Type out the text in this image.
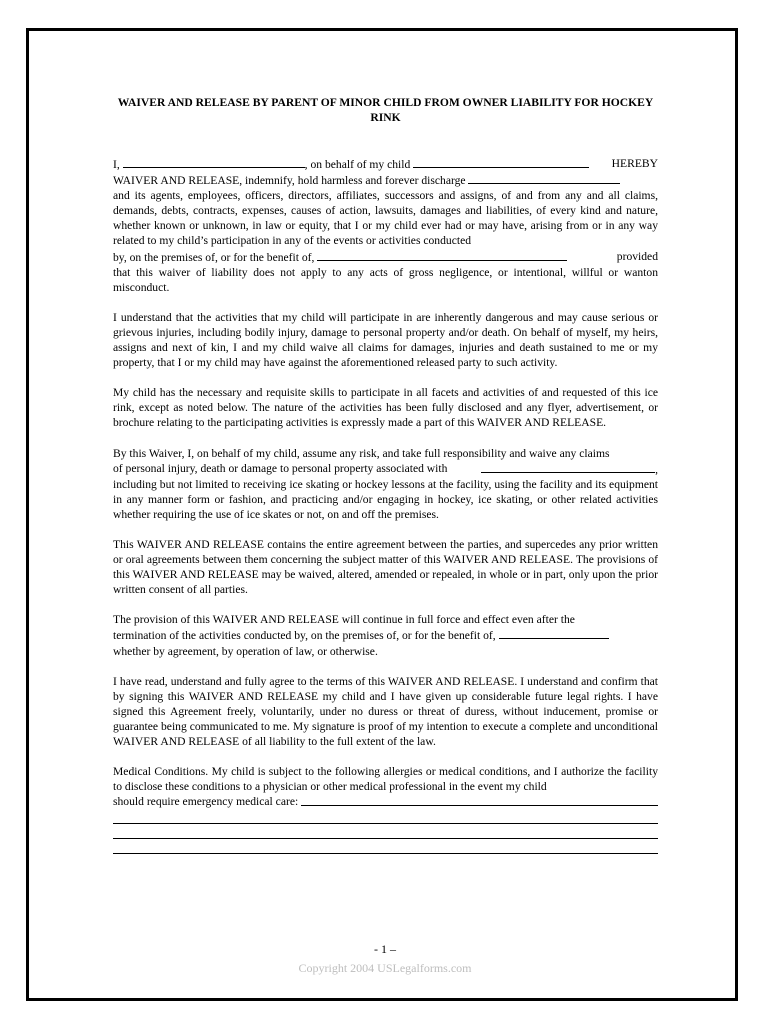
WAIVER AND RELEASE BY PARENT OF MINOR CHILD FROM OWNER LIABILITY FOR HOCKEY RINK

I,	, on behalf of my child	HEREBY
WAIVER AND RELEASE, indemnify, hold harmless and forever discharge
and its agents, employees, officers, directors, affiliates, successors and assigns, of and from any and all claims, demands, debts, contracts, expenses, causes of action, lawsuits, damages and liabilities, of every kind and nature, whether known or unknown, in law or equity, that I or my child ever had or may have, arising from or in any way related to my child’s participation in any of the events or activities conducted
by, on the premises of, or for the benefit of,	provided
that this waiver of liability does not apply to any acts of gross negligence, or intentional, willful or wanton misconduct.

I understand that the activities that my child will participate in are inherently dangerous and may cause serious or grievous injuries, including bodily injury, damage to personal property and/or death. On behalf of myself, my heirs, assigns and next of kin, I and my child waive all claims for damages, injuries and death sustained to me or my property, that I or my child may have against the aforementioned released party to such activity.

My child has the necessary and requisite skills to participate in all facets and activities of and requested of this ice rink, except as noted below. The nature of the activities has been fully disclosed and any flyer, advertisement, or brochure relating to the participating activities is expressly made a part of this WAIVER AND RELEASE.

By this Waiver, I, on behalf of my child, assume any risk, and take full responsibility and waive any claims
of personal injury, death or damage to personal property associated with	,
including but not limited to receiving ice skating or hockey lessons at the facility, using the facility and its equipment in any manner form or fashion, and practicing and/or engaging in hockey, ice skating, or other related activities whether requiring the use of ice skates or not, on and off the premises.

This WAIVER AND RELEASE contains the entire agreement between the parties, and supercedes any prior written or oral agreements between them concerning the subject matter of this WAIVER AND RELEASE. The provisions of this WAIVER AND RELEASE may be waived, altered, amended or repealed, in whole or in part, only upon the prior written consent of all parties.

The provision of this WAIVER AND RELEASE will continue in full force and effect even after the
termination of the activities conducted by, on the premises of, or for the benefit of,
whether by agreement, by operation of law, or otherwise.

I have read, understand and fully agree to the terms of this WAIVER AND RELEASE. I understand and confirm that by signing this WAIVER AND RELEASE my child and I have given up considerable future legal rights. I have signed this Agreement freely, voluntarily, under no duress or threat of duress, without inducement, promise or guarantee being communicated to me. My signature is proof of my intention to execute a complete and unconditional WAIVER AND RELEASE of all liability to the full extent of the law.

Medical Conditions. My child is subject to the following allergies or medical conditions, and I authorize the facility to disclose these conditions to a physician or other medical professional in the event my child
should require emergency medical care:

- 1 –
Copyright 2004 USLegalforms.com
